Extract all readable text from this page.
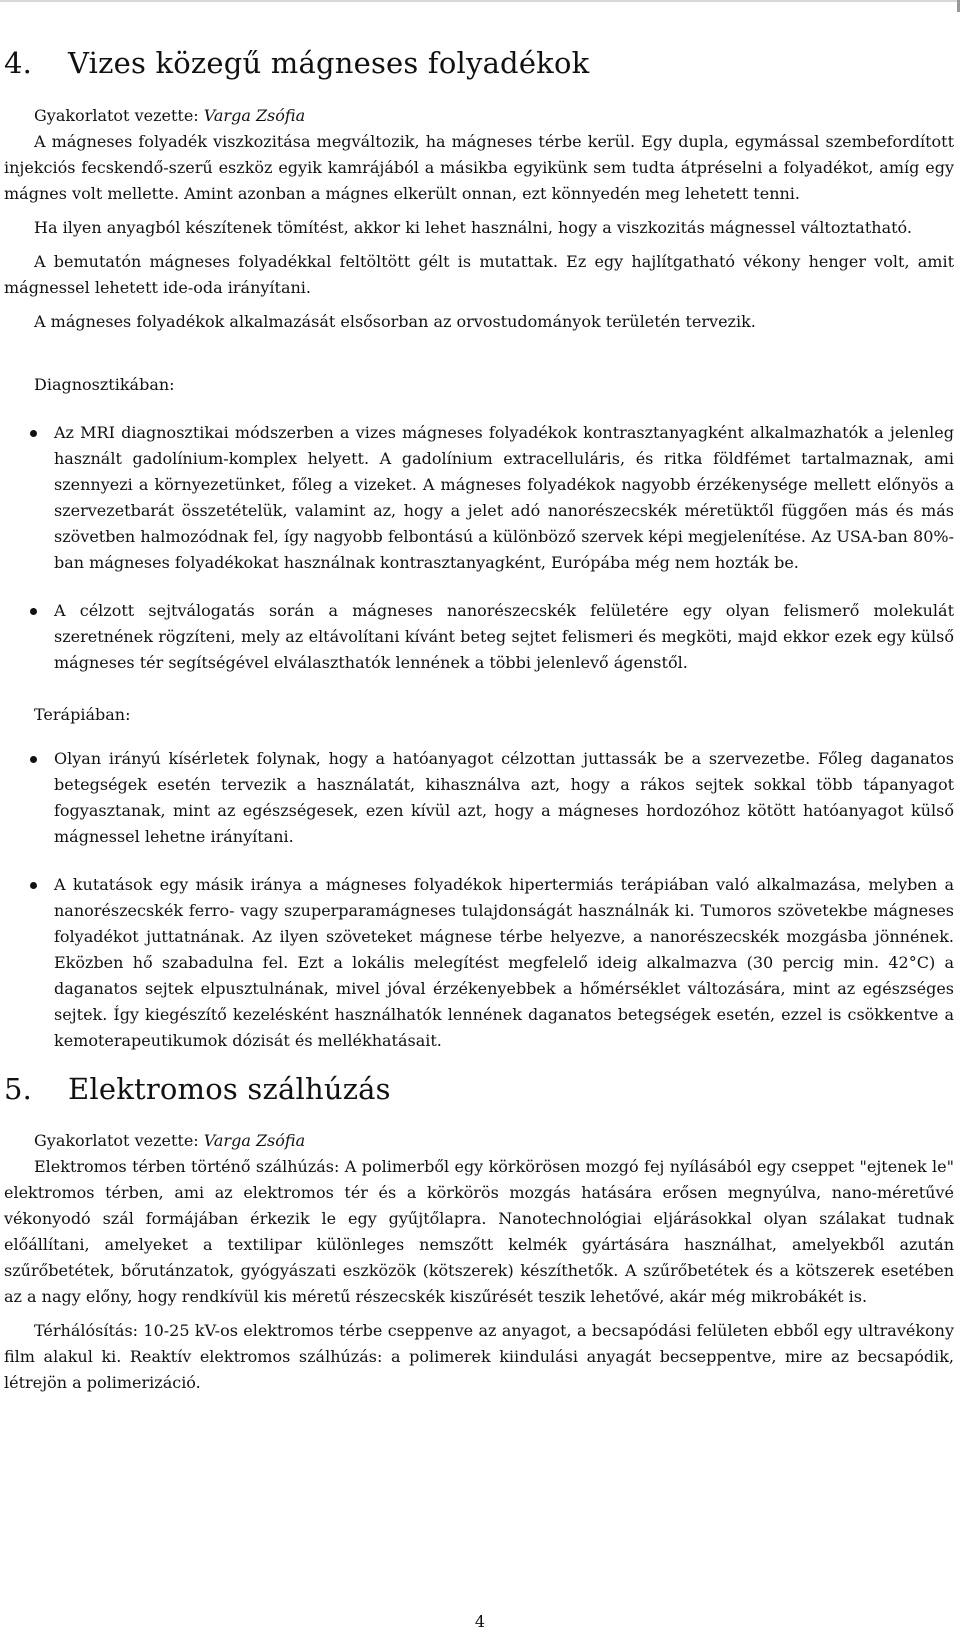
4. Vizes közegű mágneses folyadékok
Gyakorlatot vezette: Varga Zsófia

A mágneses folyadék viszkozitása megváltozik, ha mágneses térbe kerül. Egy dupla, egymással szembefordított injekciós fecskendő-szerű eszköz egyik kamrájából a másikba egyikünk sem tudta átpréselni a folyadékot, amíg egy mágnes volt mellette. Amint azonban a mágnes elkerült onnan, ezt könnyedén meg lehetett tenni.

Ha ilyen anyagból készítenek tömítést, akkor ki lehet használni, hogy a viszkozitás mágnessel változtatható.

A bemutatón mágneses folyadékkal feltöltött gélt is mutattak. Ez egy hajlítgatható vékony henger volt, amit mágnessel lehetett ide-oda irányítani.

A mágneses folyadékok alkalmazását elsősorban az orvostudományok területén tervezik.

Diagnosztikában:
Az MRI diagnosztikai módszerben a vizes mágneses folyadékok kontrasztanyagként alkalmazhatók a jelenleg használt gadolínium-komplex helyett. A gadolínium extracelluláris, és ritka földfémet tartalmaznak, ami szennyezi a környezetünket, főleg a vizeket. A mágneses folyadékok nagyobb érzékenysége mellett előnyös a szervezetbarát összetételük, valamint az, hogy a jelet adó nanorészecskék méretüktől függően más és más szövetben halmozódnak fel, így nagyobb felbontású a különböző szervek képi megjelenítése. Az USA-ban 80%-ban mágneses folyadékokat használnak kontrasztanyagként, Európába még nem hozták be.
A célzott sejtválogatás során a mágneses nanorészecskék felületére egy olyan felismerő molekulát szeretnének rögzíteni, mely az eltávolítani kívánt beteg sejtet felismeri és megköti, majd ekkor ezek egy külső mágneses tér segítségével elválaszthatók lennének a többi jelenlevő ágenstől.
Terápiában:
Olyan irányú kísérletek folynak, hogy a hatóanyagot célzottan juttassák be a szervezetbe. Főleg daganatos betegségek esetén tervezik a használatát, kihasználva azt, hogy a rákos sejtek sokkal több tápanyagot fogyasztanak, mint az egészségesek, ezen kívül azt, hogy a mágneses hordozóhoz kötött hatóanyagot külső mágnessel lehetne irányítani.
A kutatások egy másik iránya a mágneses folyadékok hipertermiás terápiában való alkalmazása, melyben a nanorészecskék ferro- vagy szuperparamágneses tulajdonságát használnák ki. Tumoros szövetekbe mágneses folyadékot juttatnának. Az ilyen szöveteket mágnese térbe helyezve, a nanorészecskék mozgásba jönnének. Eközben hő szabadulna fel. Ezt a lokális melegítést megfelelő ideig alkalmazva (30 percig min. 42°C) a daganatos sejtek elpusztulnának, mivel jóval érzékenyebbek a hőmérséklet változására, mint az egészséges sejtek. Így kiegészítő kezelésként használhatók lennének daganatos betegségek esetén, ezzel is csökkentve a kemoterapeutikumok dózisát és mellékhatásait.
5. Elektromos szálhúzás
Gyakorlatot vezette: Varga Zsófia

Elektromos térben történő szálhúzás: A polimerből egy körkörösen mozgó fej nyílásából egy cseppet "ejtenek le" elektromos térben, ami az elektromos tér és a körkörös mozgás hatására erősen megnyúlva, nano-méretűvé vékonyodó szál formájában érkezik le egy gyűjtőlapra. Nanotechnológiai eljárásokkal olyan szálakat tudnak előállítani, amelyeket a textilipar különleges nemszőtt kelmék gyártására használhat, amelyekből azután szűrőbetétek, bőrutánzatok, gyógyászati eszközök (kötszerek) készíthetők. A szűrőbetétek és a kötszerek esetében az a nagy előny, hogy rendkívül kis méretű részecskék kiszűrését teszik lehetővé, akár még mikrobákét is.

Térhálósítás: 10-25 kV-os elektromos térbe cseppenve az anyagot, a becsapódási felületen ebből egy ultravékony film alakul ki. Reaktív elektromos szálhúzás: a polimerek kiindulási anyagát becseppentve, mire az becsapódik, létrejön a polimerizáció.

4
